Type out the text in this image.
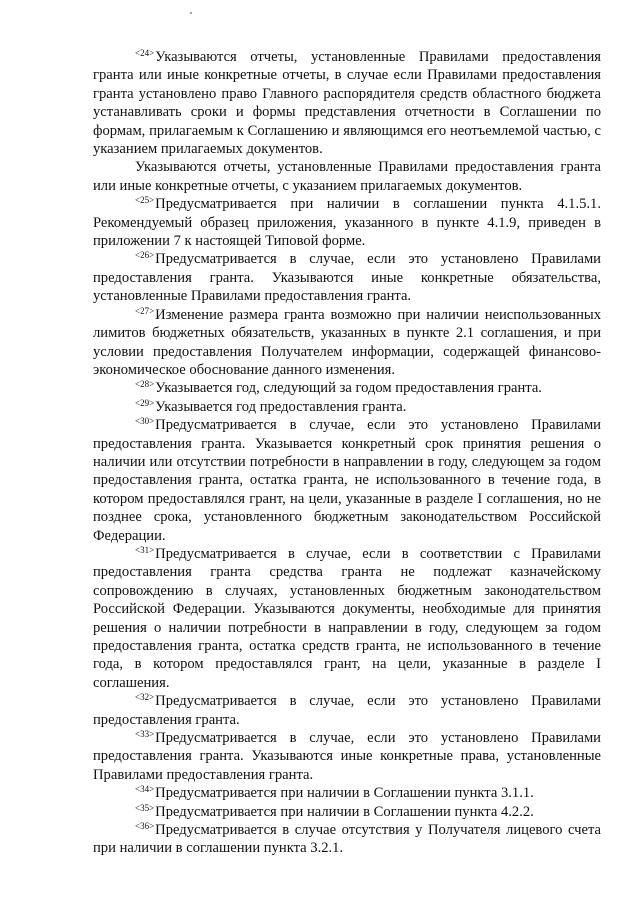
$^{<24>}$Указываются отчеты, установленные Правилами предоставления гранта или иные конкретные отчеты, в случае если Правилами предоставления гранта установлено право Главного распорядителя средств областного бюджета устанавливать сроки и формы представления отчетности в Соглашении по формам, прилагаемым к Соглашению и являющимся его неотъемлемой частью, с указанием прилагаемых документов.

Указываются отчеты, установленные Правилами предоставления гранта или иные конкретные отчеты, с указанием прилагаемых документов.

$^{<25>}$Предусматривается при наличии в соглашении пункта 4.1.5.1. Рекомендуемый образец приложения, указанного в пункте 4.1.9, приведен в приложении 7 к настоящей Типовой форме.

$^{<26>}$Предусматривается в случае, если это установлено Правилами предоставления гранта. Указываются иные конкретные обязательства, установленные Правилами предоставления гранта.

$^{<27>}$Изменение размера гранта возможно при наличии неиспользованных лимитов бюджетных обязательств, указанных в пункте 2.1 соглашения, и при условии предоставления Получателем информации, содержащей финансово-экономическое обоснование данного изменения.

$^{<28>}$Указывается год, следующий за годом предоставления гранта.

$^{<29>}$Указывается год предоставления гранта.

$^{<30>}$Предусматривается в случае, если это установлено Правилами предоставления гранта. Указывается конкретный срок принятия решения о наличии или отсутствии потребности в направлении в году, следующем за годом предоставления гранта, остатка гранта, не использованного в течение года, в котором предоставлялся грант, на цели, указанные в разделе I соглашения, но не позднее срока, установленного бюджетным законодательством Российской Федерации.

$^{<31>}$Предусматривается в случае, если в соответствии с Правилами предоставления гранта средства гранта не подлежат казначейскому сопровождению в случаях, установленных бюджетным законодательством Российской Федерации. Указываются документы, необходимые для принятия решения о наличии потребности в направлении в году, следующем за годом предоставления гранта, остатка средств гранта, не использованного в течение года, в котором предоставлялся грант, на цели, указанные в разделе I соглашения.

$^{<32>}$Предусматривается в случае, если это установлено Правилами предоставления гранта.

$^{<33>}$Предусматривается в случае, если это установлено Правилами предоставления гранта. Указываются иные конкретные права, установленные Правилами предоставления гранта.

$^{<34>}$Предусматривается при наличии в Соглашении пункта 3.1.1.

$^{<35>}$Предусматривается при наличии в Соглашении пункта 4.2.2.

$^{<36>}$Предусматривается в случае отсутствия у Получателя лицевого счета при наличии в соглашении пункта 3.2.1.
